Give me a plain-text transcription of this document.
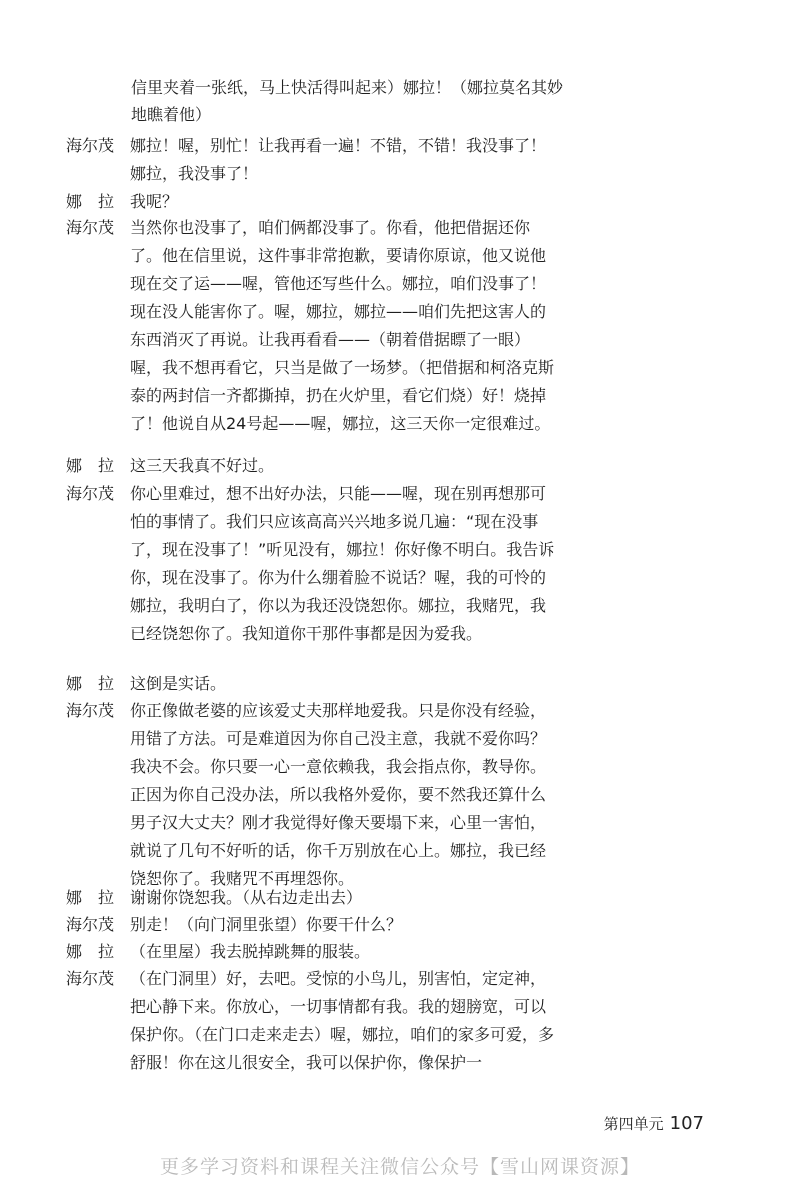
信里夹着一张纸，马上快活得叫起来）娜拉！（娜拉莫名其妙地瞧着他）
海尔茂 娜拉！喔，别忙！让我再看一遍！不错，不错！我没事了！娜拉，我没事了！
娜　拉 我呢？
海尔茂 当然你也没事了，咱们俩都没事了。你看，他把借据还你了。他在信里说，这件事非常抱歉，要请你原谅，他又说他现在交了运——喔，管他还写些什么。娜拉，咱们没事了！现在没人能害你了。喔，娜拉，娜拉——咱们先把这害人的东西消灭了再说。让我再看看——（朝着借据瞟了一眼）喔，我不想再看它，只当是做了一场梦。（把借据和柯洛克斯泰的两封信一齐都撕掉，扔在火炉里，看它们烧）好！烧掉了！他说自从24号起——喔，娜拉，这三天你一定很难过。
娜　拉 这三天我真不好过。
海尔茂 你心里难过，想不出好办法，只能——喔，现在别再想那可怕的事情了。我们只应该高高兴兴地多说几遍：“现在没事了，现在没事了！”听见没有，娜拉！你好像不明白。我告诉你，现在没事了。你为什么绷着脸不说话？喔，我的可怜的娜拉，我明白了，你以为我还没饶恕你。娜拉，我赌咒，我已经饶恕你了。我知道你干那件事都是因为爱我。
娜　拉 这倒是实话。
海尔茂 你正像做老婆的应该爱丈夫那样地爱我。只是你没有经验，用错了方法。可是难道因为你自己没主意，我就不爱你吗？我决不会。你只要一心一意依赖我，我会指点你，教导你。正因为你自己没办法，所以我格外爱你，要不然我还算什么男子汉大丈夫？刚才我觉得好像天要塌下来，心里一害怕，就说了几句不好听的话，你千万别放在心上。娜拉，我已经饶恕你了。我赌咒不再埋怨你。
娜　拉 谢谢你饶恕我。（从右边走出去）
海尔茂 别走！（向门洞里张望）你要干什么？
娜　拉 （在里屋）我去脱掉跳舞的服装。
海尔茂 （在门洞里）好，去吧。受惊的小鸟儿，别害怕，定定神，把心静下来。你放心，一切事情都有我。我的翅膀宽，可以保护你。（在门口走来走去）喔，娜拉，咱们的家多可爱，多舒服！你在这儿很安全，我可以保护你，像保护一
第四单元 107
更多学习资料和课程关注微信公众号【雪山网课资源】
